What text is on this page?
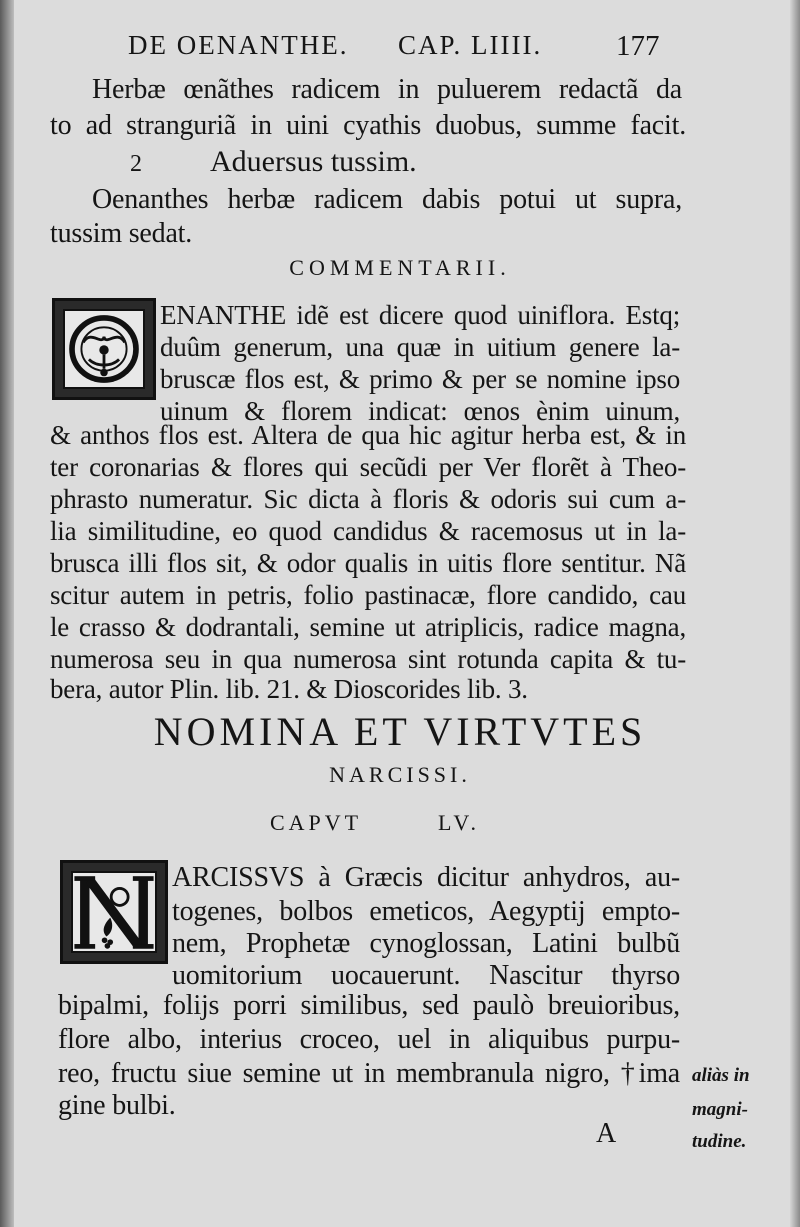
DE OENANTHE. CAP. LIIII.	177
Herbæ œnãthes radicem in puluerem redactã da
to ad stranguriã in uini cyathis duobus, summe facit.
2 Aduersus tussim.
Oenanthes herbæ radicem dabis potui ut supra,
tussim sedat.
COMMENTARII.
ENANTHE idẽ est dicere quod uiniflora. Estq;
duûm generum, una quæ in uitium genere la-
bruscæ flos est, & primo & per se nomine ipso
uinum & florem indicat: œnos ènim uinum,
& anthos flos est. Altera de qua hic agitur herba est, & in
ter coronarias & flores qui secũdi per Ver florẽt à Theo-
phrasto numeratur. Sic dicta à floris & odoris sui cum a-
lia similitudine, eo quod candidus & racemosus ut in la-
brusca illi flos sit, & odor qualis in uitis flore sentitur. Nã
scitur autem in petris, folio pastinacæ, flore candido, cau
le crasso & dodrantali, semine ut atriplicis, radice magna,
numerosa seu in qua numerosa sint rotunda capita & tu-
bera, autor Plin. lib. 21. & Dioscorides lib. 3.
NOMINA ET VIRTVTES
NARCISSI.
CAPVT	LV.
ARCISSVS à Græcis dicitur anhydros, au-
togenes, bolbos emeticos, Aegyptij empto-
nem, Prophetæ cynoglossan, Latini bulbũ
uomitorium uocauerunt. Nascitur thyrso
bipalmi, folijs porri similibus, sed paulò breuioribus,
flore albo, interius croceo, uel in aliquibus purpu-
reo, fructu siue semine ut in membranula nigro, †ima
gine bulbi.
aliàs in
magni-
tudine.
A
